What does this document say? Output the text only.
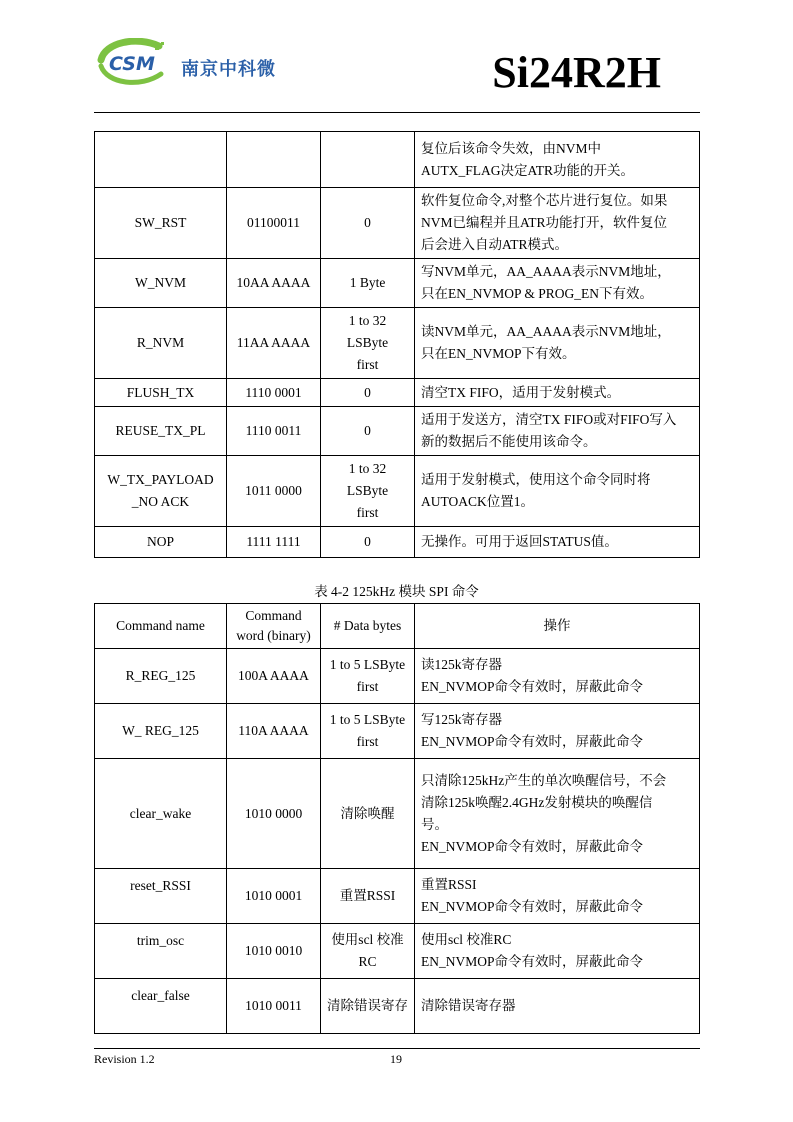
CSM 南京中科微	Si24R2H

			复位后该命令失效，由NVM中
AUTX_FLAG决定ATR功能的开关。

SW_RST	01100011	0	软件复位命令,对整个芯片进行复位。如果
NVM已编程并且ATR功能打开，软件复位
后会进入自动ATR模式。

W_NVM	10AA AAAA	1 Byte	写NVM单元，AA_AAAA表示NVM地址，
只在EN_NVMOP & PROG_EN下有效。

R_NVM	11AA AAAA	1 to 32
LSByte
first	读NVM单元，AA_AAAA表示NVM地址，
只在EN_NVMOP下有效。

FLUSH_TX	1110 0001	0	清空TX FIFO，适用于发射模式。

REUSE_TX_PL	1110 0011	0	适用于发送方，清空TX FIFO或对FIFO写入
新的数据后不能使用该命令。

W_TX_PAYLOAD
_NO ACK	1011 0000	1 to 32
LSByte
first	适用于发射模式，使用这个命令同时将
AUTOACK位置1。

NOP	1111 1111	0	无操作。可用于返回STATUS值。
表 4-2 125kHz 模块 SPI 命令
Command name	Command
word (binary)	# Data bytes	操作
R_REG_125	100A AAAA	1 to 5 LSByte
first	读125k寄存器
EN_NVMOP命令有效时，屏蔽此命令

W_ REG_125	110A AAAA	1 to 5 LSByte
first	写125k寄存器
EN_NVMOP命令有效时，屏蔽此命令

clear_wake	1010 0000	清除唤醒	只清除125kHz产生的单次唤醒信号，不会
清除125k唤醒2.4GHz发射模块的唤醒信
号。
EN_NVMOP命令有效时，屏蔽此命令

reset_RSSI	1010 0001	重置RSSI	重置RSSI
EN_NVMOP命令有效时，屏蔽此命令

trim_osc	1010 0010	使用scl 校准
RC	使用scl 校准RC
EN_NVMOP命令有效时，屏蔽此命令

clear_false	1010 0011	清除错误寄存	清除错误寄存器
Revision 1.2	19
